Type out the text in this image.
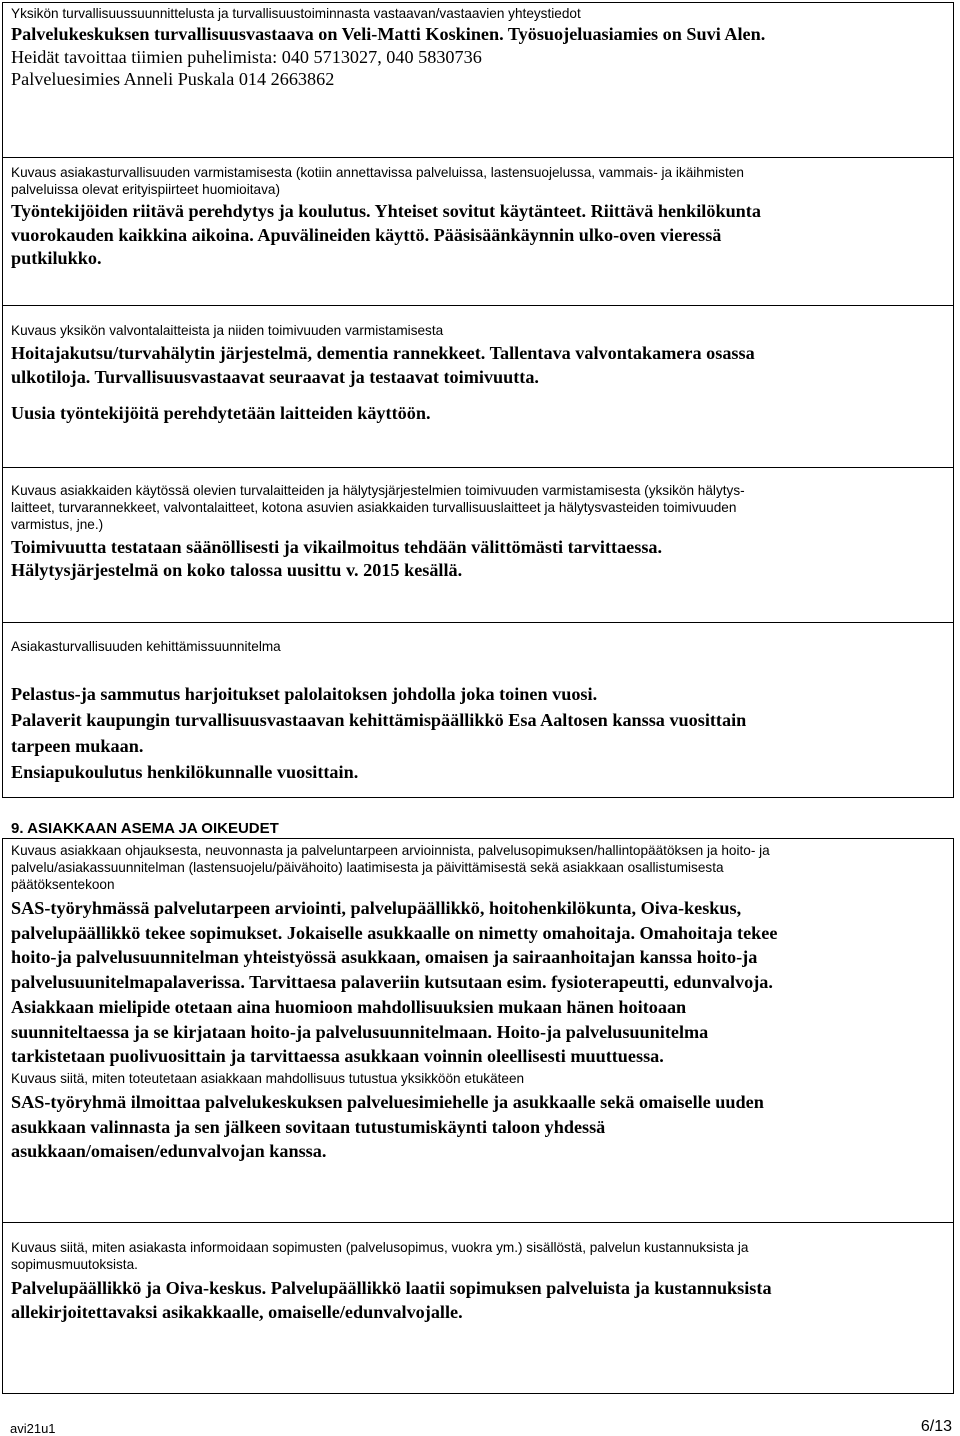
Yksikön turvallisuussuunnittelusta ja turvallisuustoiminnasta vastaavan/vastaavien yhteystiedot
Palvelukeskuksen turvallisuusvastaava on Veli-Matti Koskinen. Työsuojeluasiamies on Suvi Alen.
Heidät tavoittaa tiimien puhelimista: 040 5713027, 040 5830736
Palveluesimies Anneli Puskala 014 2663862
Kuvaus asiakasturvallisuuden varmistamisesta (kotiin annettavissa palveluissa, lastensuojelussa, vammais- ja ikäihmisten
palveluissa olevat erityispiirteet huomioitava)
Työntekijöiden riitävä perehdytys ja koulutus. Yhteiset sovitut käytänteet. Riittävä henkilökunta
vuorokauden kaikkina aikoina. Apuvälineiden käyttö. Pääsisäänkäynnin ulko-oven vieressä
putkilukko.
Kuvaus yksikön valvontalaitteista ja niiden toimivuuden varmistamisesta
Hoitajakutsu/turvahälytin järjestelmä, dementia rannekkeet. Tallentava valvontakamera osassa
ulkotiloja. Turvallisuusvastaavat seuraavat ja testaavat toimivuutta.
Uusia työntekijöitä perehdytetään laitteiden käyttöön.
Kuvaus asiakkaiden käytössä olevien turvalaitteiden ja hälytysjärjestelmien toimivuuden varmistamisesta (yksikön hälytys-
laitteet, turvarannekkeet, valvontalaitteet, kotona asuvien asiakkaiden turvallisuuslaitteet ja hälytysvasteiden toimivuuden
varmistus, jne.)
Toimivuutta testataan säänöllisesti ja vikailmoitus tehdään välittömästi tarvittaessa.
Hälytysjärjestelmä on koko talossa uusittu v. 2015 kesällä.
Asiakasturvallisuuden kehittämissuunnitelma
Pelastus-ja sammutus harjoitukset palolaitoksen johdolla joka toinen vuosi.
Palaverit kaupungin turvallisuusvastaavan kehittämispäällikkö Esa Aaltosen kanssa vuosittain
tarpeen mukaan.
Ensiapukoulutus henkilökunnalle vuosittain.
9. ASIAKKAAN ASEMA JA OIKEUDET
Kuvaus asiakkaan ohjauksesta, neuvonnasta ja palveluntarpeen arvioinnista, palvelusopimuksen/hallintopäätöksen ja hoito- ja
palvelu/asiakassuunnitelman (lastensuojelu/päivähoito) laatimisesta ja päivittämisestä sekä asiakkaan osallistumisesta
päätöksentekoon
SAS-työryhmässä palvelutarpeen arviointi, palvelupäällikkö, hoitohenkilökunta, Oiva-keskus,
palvelupäällikkö tekee sopimukset. Jokaiselle asukkaalle on nimetty omahoitaja. Omahoitaja tekee
hoito-ja palvelusuunnitelman yhteistyössä asukkaan, omaisen ja sairaanhoitajan kanssa hoito-ja
palvelusuunitelmapalaverissa. Tarvittaesa palaveriin kutsutaan esim. fysioterapeutti, edunvalvoja.
Asiakkaan mielipide otetaan aina huomioon mahdollisuuksien mukaan hänen hoitoaan
suunniteltaessa ja se kirjataan hoito-ja palvelusuunnitelmaan. Hoito-ja palvelusuunitelma
tarkistetaan puolivuosittain ja tarvittaessa asukkaan voinnin oleellisesti muuttuessa.
Kuvaus siitä, miten toteutetaan asiakkaan mahdollisuus tutustua yksikköön etukäteen
SAS-työryhmä ilmoittaa palvelukeskuksen palveluesimiehelle ja asukkaalle sekä omaiselle uuden
asukkaan valinnasta ja sen jälkeen sovitaan tutustumiskäynti taloon yhdessä
asukkaan/omaisen/edunvalvojan kanssa.
Kuvaus siitä, miten asiakasta informoidaan sopimusten (palvelusopimus, vuokra ym.) sisällöstä, palvelun kustannuksista ja
sopimusmuutoksista.
Palvelupäällikkö ja Oiva-keskus. Palvelupäällikkö laatii sopimuksen palveluista ja kustannuksista
allekirjoitettavaksi asikakkaalle, omaiselle/edunvalvojalle.
avi21u1	6/13
